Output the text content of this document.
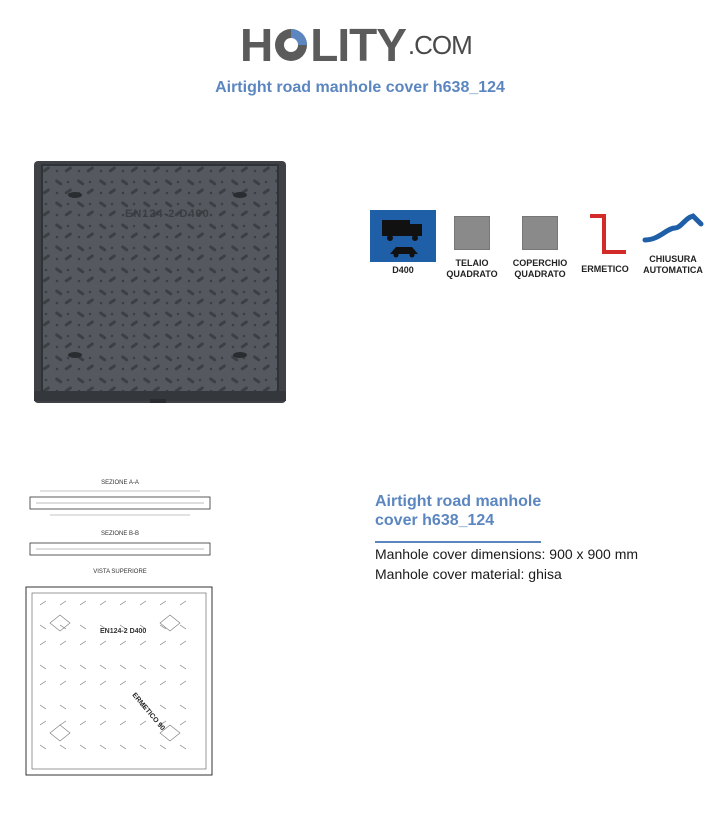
H LITY .COM
Airtight road manhole cover h638_124
EN124-2 D400
D400
TELAIO
QUADRATO
COPERCHIO
QUADRATO	ERMETICO
CHIUSURA
AUTOMATICA
SEZIONE A-A
SEZIONE B-B
VISTA SUPERIORE
EN124-2 D400
ERMETICO 90
Airtight road manhole
cover h638_124
Manhole cover dimensions: 900 x 900 mm
Manhole cover material: ghisa
